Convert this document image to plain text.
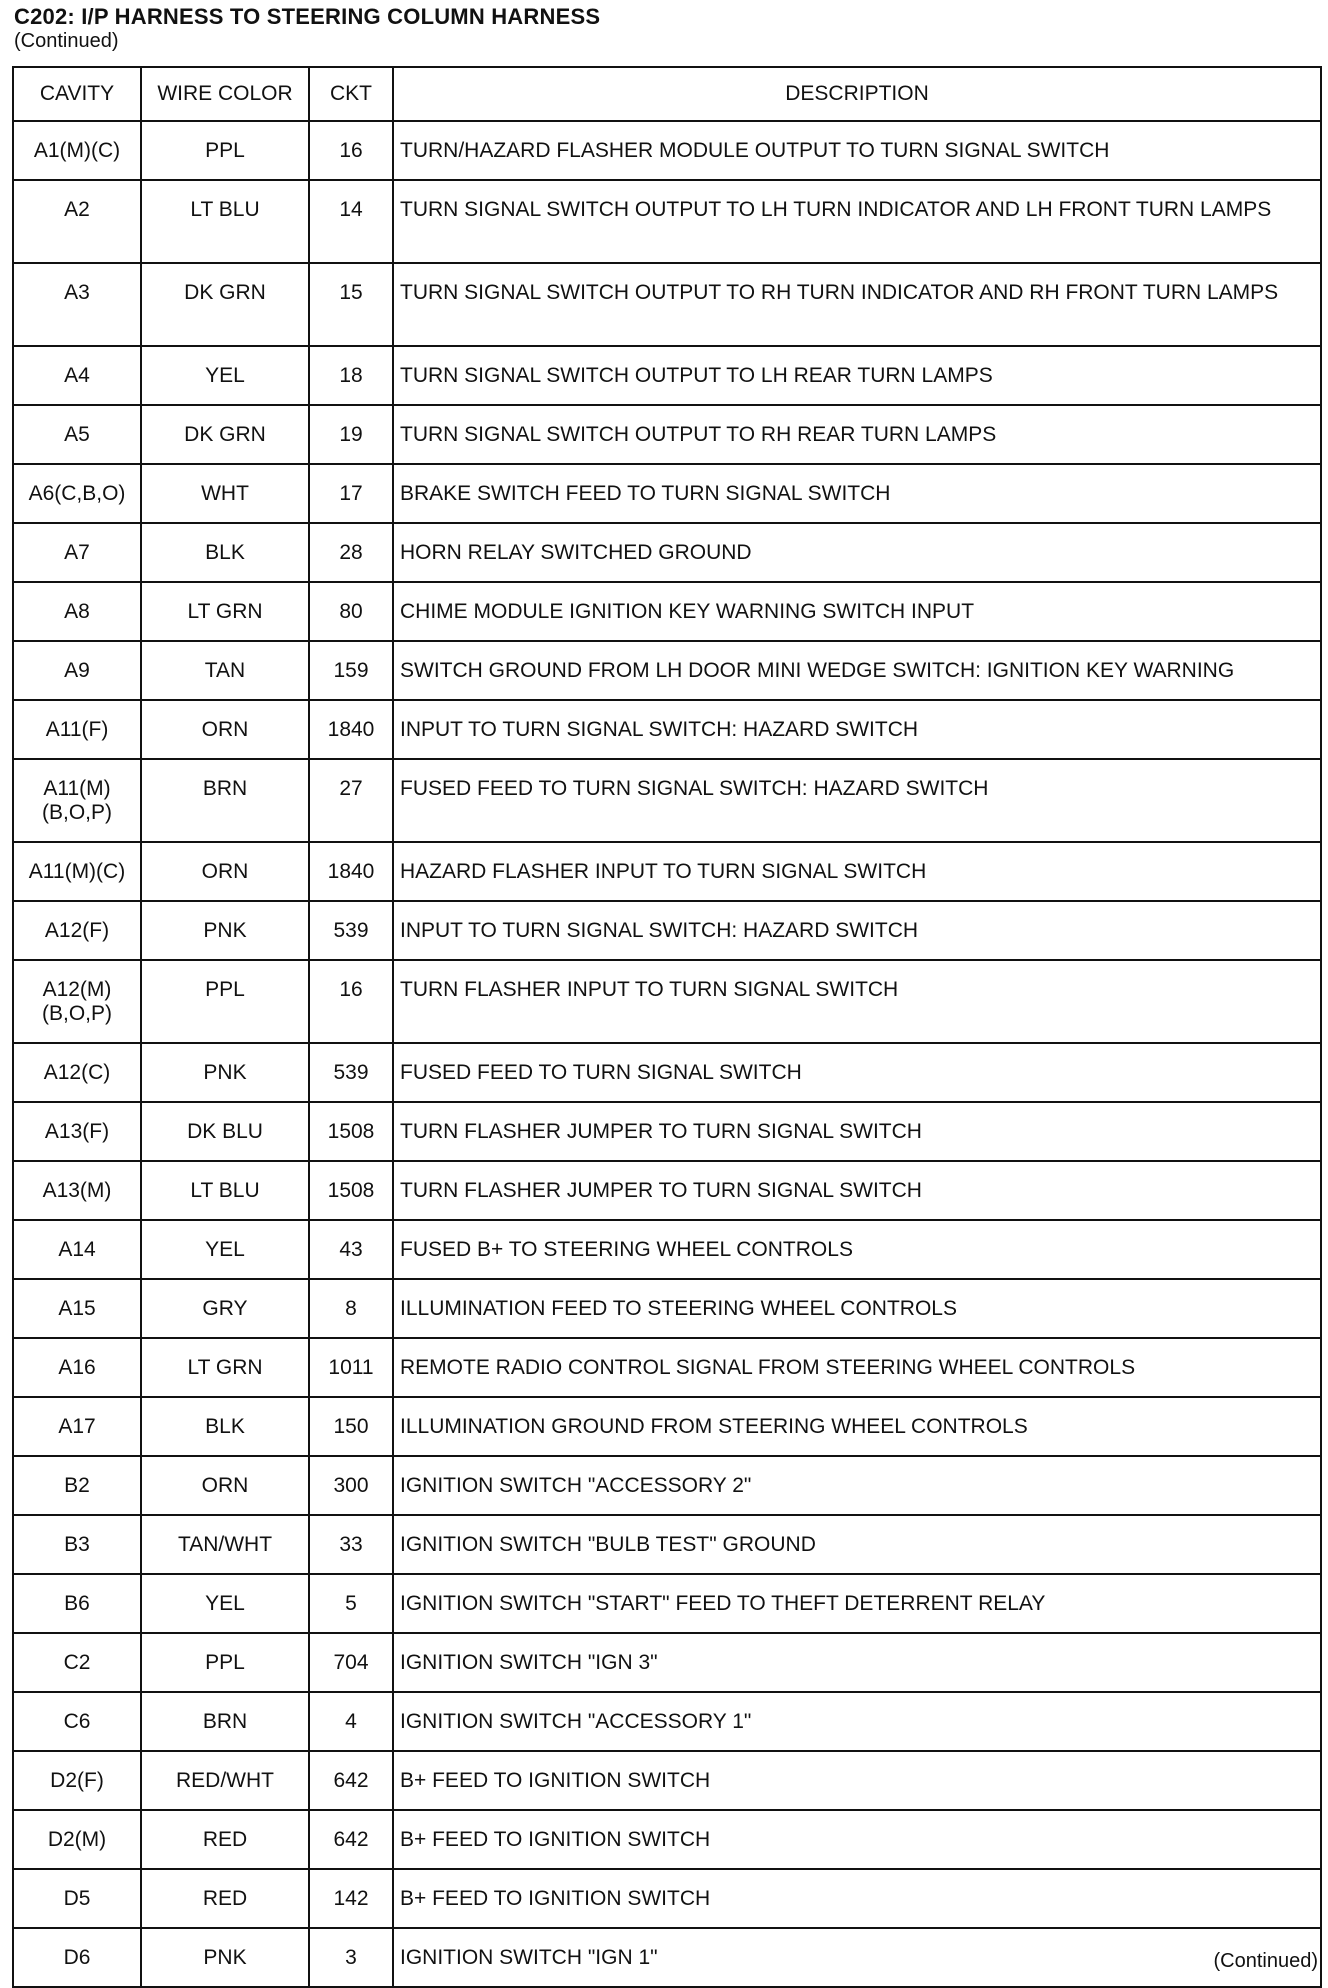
C202: I/P HARNESS TO STEERING COLUMN HARNESS
(Continued)
CAVITY	WIRE COLOR	CKT	DESCRIPTION
A1(M)(C)	PPL	16	TURN/HAZARD FLASHER MODULE OUTPUT TO TURN SIGNAL SWITCH
A2	LT BLU	14	TURN SIGNAL SWITCH OUTPUT TO LH TURN INDICATOR AND LH FRONT TURN LAMPS
A3	DK GRN	15	TURN SIGNAL SWITCH OUTPUT TO RH TURN INDICATOR AND RH FRONT TURN LAMPS
A4	YEL	18	TURN SIGNAL SWITCH OUTPUT TO LH REAR TURN LAMPS
A5	DK GRN	19	TURN SIGNAL SWITCH OUTPUT TO RH REAR TURN LAMPS
A6(C,B,O)	WHT	17	BRAKE SWITCH FEED TO TURN SIGNAL SWITCH
A7	BLK	28	HORN RELAY SWITCHED GROUND
A8	LT GRN	80	CHIME MODULE IGNITION KEY WARNING SWITCH INPUT
A9	TAN	159	SWITCH GROUND FROM LH DOOR MINI WEDGE SWITCH: IGNITION KEY WARNING
A11(F)	ORN	1840	INPUT TO TURN SIGNAL SWITCH: HAZARD SWITCH
A11(M)(B,O,P)	BRN	27	FUSED FEED TO TURN SIGNAL SWITCH: HAZARD SWITCH
A11(M)(C)	ORN	1840	HAZARD FLASHER INPUT TO TURN SIGNAL SWITCH
A12(F)	PNK	539	INPUT TO TURN SIGNAL SWITCH: HAZARD SWITCH
A12(M)(B,O,P)	PPL	16	TURN FLASHER INPUT TO TURN SIGNAL SWITCH
A12(C)	PNK	539	FUSED FEED TO TURN SIGNAL SWITCH
A13(F)	DK BLU	1508	TURN FLASHER JUMPER TO TURN SIGNAL SWITCH
A13(M)	LT BLU	1508	TURN FLASHER JUMPER TO TURN SIGNAL SWITCH
A14	YEL	43	FUSED B+ TO STEERING WHEEL CONTROLS
A15	GRY	8	ILLUMINATION FEED TO STEERING WHEEL CONTROLS
A16	LT GRN	1011	REMOTE RADIO CONTROL SIGNAL FROM STEERING WHEEL CONTROLS
A17	BLK	150	ILLUMINATION GROUND FROM STEERING WHEEL CONTROLS
B2	ORN	300	IGNITION SWITCH "ACCESSORY 2"
B3	TAN/WHT	33	IGNITION SWITCH "BULB TEST" GROUND
B6	YEL	5	IGNITION SWITCH "START" FEED TO THEFT DETERRENT RELAY
C2	PPL	704	IGNITION SWITCH "IGN 3"
C6	BRN	4	IGNITION SWITCH "ACCESSORY 1"
D2(F)	RED/WHT	642	B+ FEED TO IGNITION SWITCH
D2(M)	RED	642	B+ FEED TO IGNITION SWITCH
D5	RED	142	B+ FEED TO IGNITION SWITCH
D6	PNK	3	IGNITION SWITCH "IGN 1"	(Continued)
